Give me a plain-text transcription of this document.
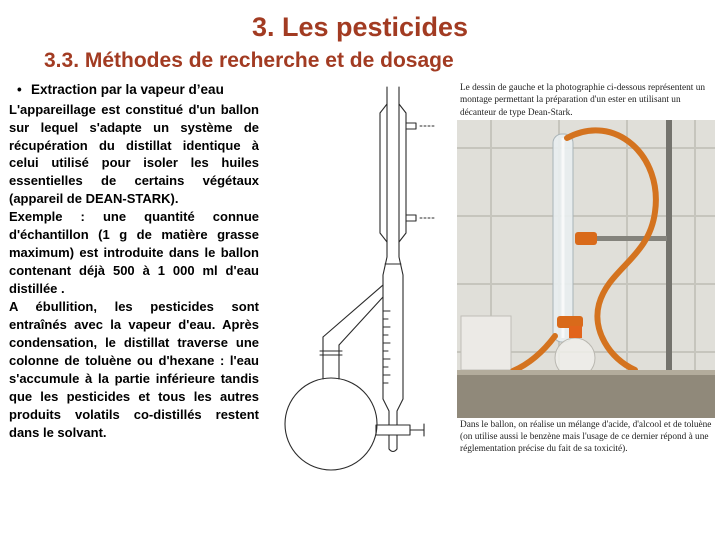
3. Les pesticides
3.3. Méthodes de recherche et de dosage
• Extraction par la vapeur d’eau

L'appareillage est constitué d'un ballon sur lequel s'adapte un système de récupération du distillat identique à celui utilisé pour isoler les huiles essentielles de certains végétaux (appareil de DEAN-STARK).

Exemple : une quantité connue d'échantillon (1 g de matière grasse maximum) est introduite dans le ballon contenant déjà 500 à 1 000 ml d'eau distillée .

A ébullition, les pesticides sont entraînés avec la vapeur d'eau. Après condensation, le distillat traverse une colonne de toluène ou d'hexane : l'eau s'accumule à la partie inférieure tandis que les pesticides et tous les autres produits volatils co-distillés restent dans le solvant.

Le dessin de gauche et la photographie ci-dessous représentent un montage permettant la préparation d'un ester en utilisant un décanteur de type Dean-Stark.
Dans le ballon, on réalise un mélange d'acide, d'alcool et de toluène (on utilise aussi le benzène mais l'usage de ce dernier répond à une réglementation précise du fait de sa toxicité).
